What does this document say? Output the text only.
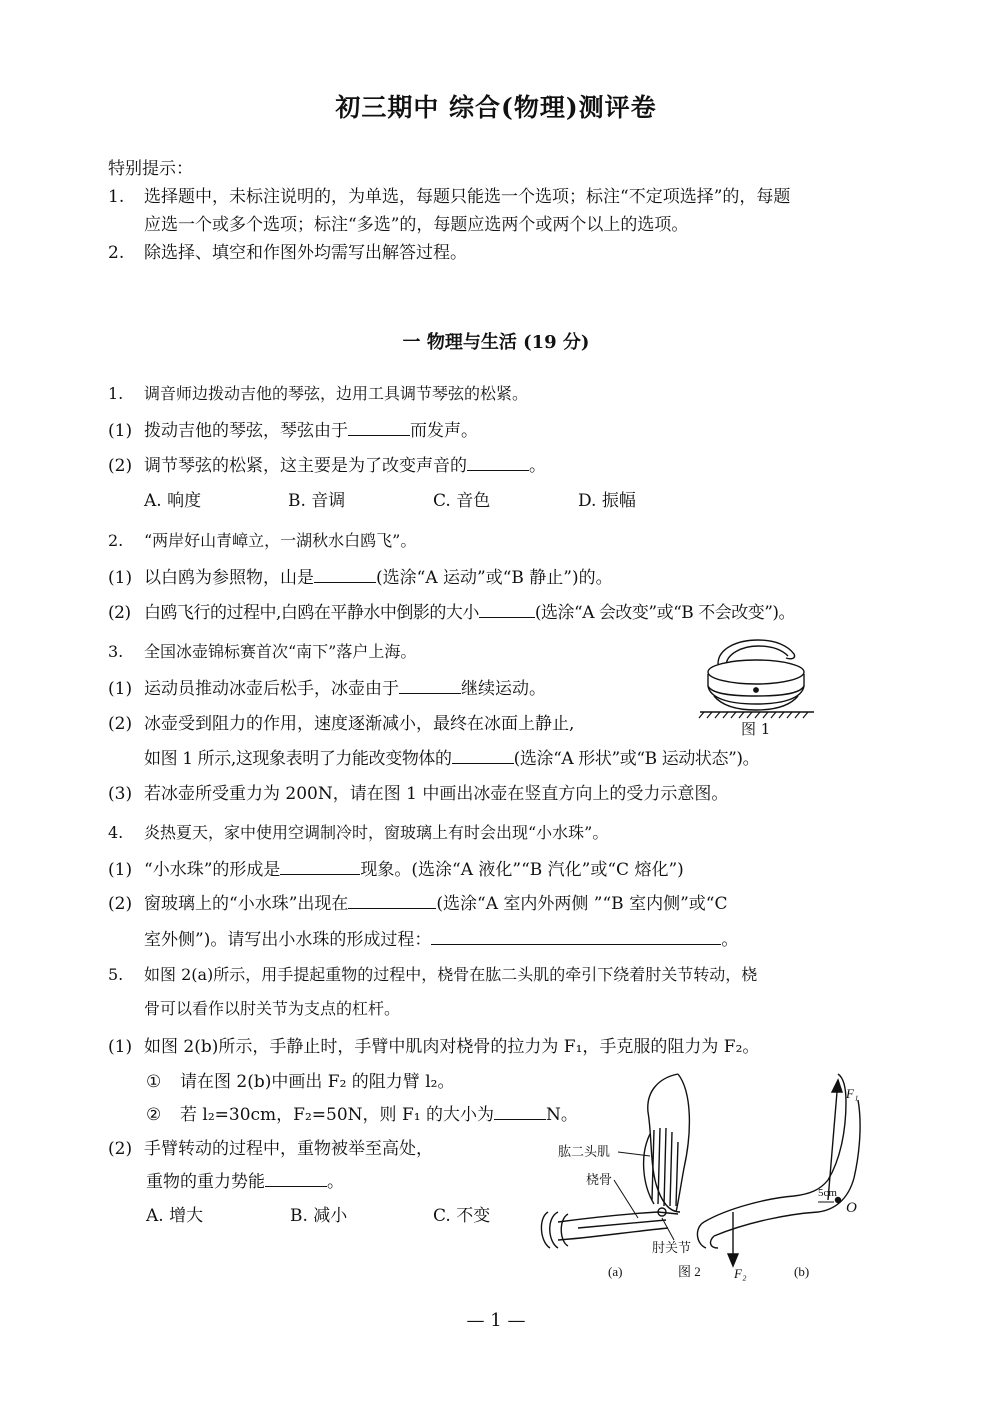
初三期中 综合(物理)测评卷
特别提示：
1. 选择题中，未标注说明的，为单选，每题只能选一个选项；标注“不定项选择”的，每题
应选一个或多个选项；标注“多选”的，每题应选两个或两个以上的选项。
2. 除选择、填空和作图外均需写出解答过程。
一 物理与生活 (19 分)
1. 调音师边拨动吉他的琴弦，边用工具调节琴弦的松紧。
(1) 拨动吉他的琴弦，琴弦由于	而发声。
(2) 调节琴弦的松紧，这主要是为了改变声音的	。
A. 响度	B. 音调	C. 音色	D. 振幅
2. “两岸好山青嶂立，一湖秋水白鸥飞”。
(1) 以白鸥为参照物，山是	(选涂“A 运动”或“B 静止”)的。
(2) 白鸥飞行的过程中,白鸥在平静水中倒影的大小	(选涂“A 会改变”或“B 不会改变”)。
3. 全国冰壶锦标赛首次“南下”落户上海。
(1) 运动员推动冰壶后松手，冰壶由于	继续运动。
(2) 冰壶受到阻力的作用，速度逐渐减小，最终在冰面上静止,
如图 1 所示,这现象表明了力能改变物体的	(选涂“A 形状”或“B 运动状态”)。
(3) 若冰壶所受重力为 200N，请在图 1 中画出冰壶在竖直方向上的受力示意图。
图 1
4. 炎热夏天，家中使用空调制冷时，窗玻璃上有时会出现“小水珠”。
(1) “小水珠”的形成是	现象。(选涂“A 液化”“B 汽化”或“C 熔化”)
(2) 窗玻璃上的“小水珠”出现在	(选涂“A 室内外两侧 ”“B 室内侧”或“C
室外侧”)。请写出小水珠的形成过程：	。
5. 如图 2(a)所示，用手提起重物的过程中，桡骨在肱二头肌的牵引下绕着肘关节转动，桡
骨可以看作以肘关节为支点的杠杆。
(1) 如图 2(b)所示，手静止时，手臂中肌肉对桡骨的拉力为 F₁，手克服的阻力为 F₂。
① 请在图 2(b)中画出 F₂ 的阻力臂 l₂。
② 若 l₂=30cm，F₂=50N，则 F₁ 的大小为	N。
(2) 手臂转动的过程中，重物被举至高处，
重物的重力势能	。
A. 增大	B. 减小	C. 不变
肱二头肌
桡骨
肘关节
(a)	图 2	(b)
F₁
F₂
O
5cm
— 1 —
